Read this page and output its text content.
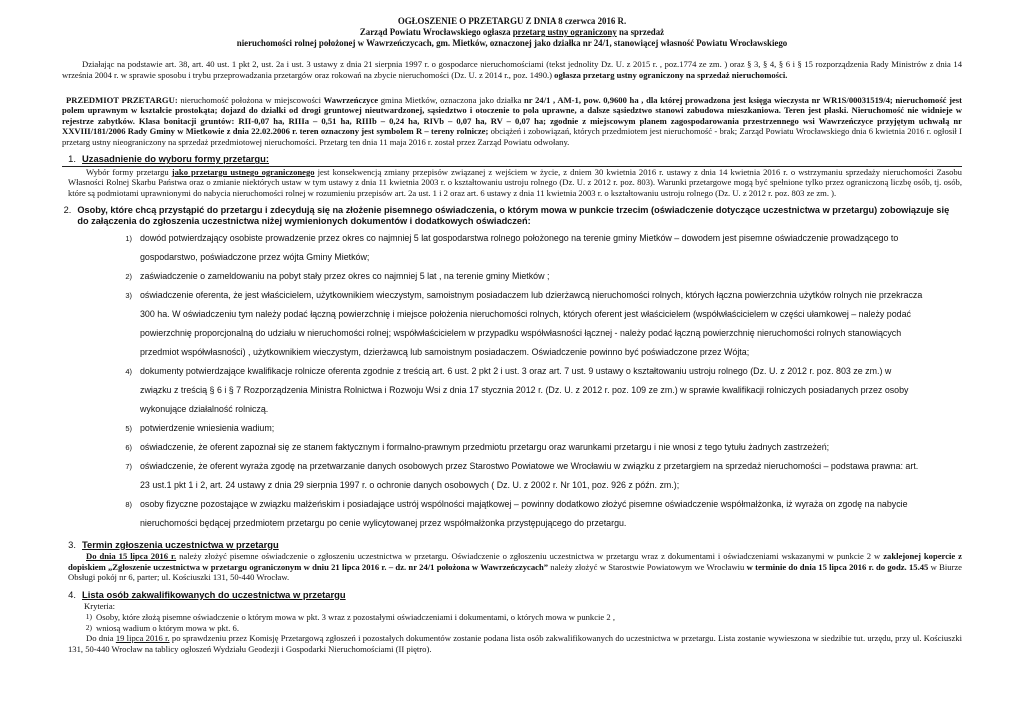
OGŁOSZENIE O PRZETARGU Z DNIA 8 czerwca 2016 R.
Zarząd Powiatu Wrocławskiego ogłasza przetarg ustny ograniczony na sprzedaż
nieruchomości rolnej położonej w Wawrzeńczycach, gm. Mietków, oznaczonej jako działka nr 24/1, stanowiącej własność Powiatu Wrocławskiego
Działając na podstawie art. 38, art. 40 ust. 1 pkt 2, ust. 2a i ust. 3 ustawy z dnia 21 sierpnia 1997 r. o gospodarce nieruchomościami (tekst jednolity Dz. U. z 2015 r. , poz.1774 ze zm. ) oraz § 3, § 4, § 6 i § 15 rozporządzenia Rady Ministrów z dnia 14 września 2004 r. w sprawie sposobu i trybu przeprowadzania przetargów oraz rokowań na zbycie nieruchomości (Dz. U. z 2014 r., poz. 1490.) ogłasza przetarg ustny ograniczony na sprzedaż nieruchomości.
PRZEDMIOT PRZETARGU: nieruchomość położona w miejscowości Wawrzeńczyce gmina Mietków, oznaczona jako działka nr 24/1 , AM-1, pow. 0,9600 ha , dla której prowadzona jest księga wieczysta nr WR1S/00031519/4; nieruchomość jest polem uprawnym w kształcie prostokąta; dojazd do działki od drogi gruntowej nieutwardzonej, sąsiedztwo i otoczenie to pola uprawne, a dalsze sąsiedztwo stanowi zabudowa mieszkaniowa. Teren jest płaski. Nieruchomość nie widnieje w rejestrze zabytków. Klasa bonitacji gruntów: RII-0,07 ha, RIIIa – 0,51 ha, RIIIb – 0,24 ha, RIVb – 0,07 ha, RV – 0,07 ha; zgodnie z miejscowym planem zagospodarowania przestrzennego wsi Wawrzeńczyce przyjętym uchwałą nr XXVIII/181/2006 Rady Gminy w Mietkowie z dnia 22.02.2006 r. teren oznaczony jest symbolem R – tereny rolnicze; obciążeń i zobowiązań, których przedmiotem jest nieruchomość - brak; Zarząd Powiatu Wrocławskiego dnia 6 kwietnia 2016 r. ogłosił I przetarg ustny nieograniczony na sprzedaż przedmiotowej nieruchomości. Przetarg ten dnia 11 maja 2016 r. został przez Zarząd Powiatu odwołany.
1. Uzasadnienie do wyboru formy przetargu:
Wybór formy przetargu jako przetargu ustnego ograniczonego jest konsekwencją zmiany przepisów związanej z wejściem w życie, z dniem 30 kwietnia 2016 r. ustawy z dnia 14 kwietnia 2016 r. o wstrzymaniu sprzedaży nieruchomości Zasobu Własności Rolnej Skarbu Państwa oraz o zmianie niektórych ustaw w tym ustawy z dnia 11 kwietnia 2003 r. o kształtowaniu ustroju rolnego (Dz. U. z 2012 r. poz. 803). Warunki przetargowe mogą być spełnione tylko przez ograniczoną liczbę osób, tj. osób, które są podmiotami uprawnionymi do nabycia nieruchomości rolnej w rozumieniu przepisów art. 2a ust. 1 i 2 oraz art. 6 ustawy z dnia 11 kwietnia 2003 r. o kształtowaniu ustroju rolnego (Dz. U. z 2012 r. poz. 803 ze zm. ).
2. Osoby, które chcą przystąpić do przetargu i zdecydują się na złożenie pisemnego oświadczenia, o którym mowa w punkcie trzecim (oświadczenie dotyczące uczestnictwa w przetargu) zobowiązuje się do załączenia do zgłoszenia uczestnictwa niżej wymienionych dokumentów i dodatkowych oświadczeń:
1) dowód potwierdzający osobiste prowadzenie przez okres co najmniej 5 lat gospodarstwa rolnego położonego na terenie gminy Mietków – dowodem jest pisemne oświadczenie prowadzącego to
gospodarstwo, poświadczone przez wójta Gminy Mietków;
2) zaświadczenie o zameldowaniu na pobyt stały przez okres co najmniej 5 lat , na terenie gminy Mietków ;
3) oświadczenie oferenta, że jest właścicielem, użytkownikiem wieczystym, samoistnym posiadaczem lub dzierżawcą nieruchomości rolnych, których łączna powierzchnia użytków rolnych nie przekracza
300 ha. W oświadczeniu tym należy podać łączną powierzchnię i miejsce położenia nieruchomości rolnych, których oferent jest właścicielem (współwłaścicielem w części ułamkowej – należy podać
powierzchnię proporcjonalną do udziału w nieruchomości rolnej; współwłaścicielem w przypadku współwłasności łącznej - należy podać łączną powierzchnię nieruchomości rolnych stanowiących
przedmiot współwłasności) , użytkownikiem wieczystym, dzierżawcą lub samoistnym posiadaczem. Oświadczenie powinno być poświadczone przez Wójta;
4) dokumenty potwierdzające kwalifikacje rolnicze oferenta zgodnie z treścią art. 6 ust. 2 pkt 2 i ust. 3 oraz art. 7 ust. 9 ustawy o kształtowaniu ustroju rolnego (Dz. U. z 2012 r. poz. 803 ze zm.) w
związku z treścią § 6 i § 7 Rozporządzenia Ministra Rolnictwa i Rozwoju Wsi z dnia 17 stycznia 2012 r. (Dz. U. z 2012 r. poz. 109 ze zm.) w sprawie kwalifikacji rolniczych posiadanych przez osoby
wykonujące działalność rolniczą.
5) potwierdzenie wniesienia wadium;
6) oświadczenie, że oferent zapoznał się ze stanem faktycznym i formalno-prawnym przedmiotu przetargu oraz warunkami przetargu i nie wnosi z tego tytułu żadnych zastrzeżeń;
7) oświadczenie, że oferent wyraża zgodę na przetwarzanie danych osobowych przez Starostwo Powiatowe we Wrocławiu w związku z przetargiem na sprzedaż nieruchomości – podstawa prawna: art.
23 ust.1 pkt 1 i 2, art. 24 ustawy z dnia 29 sierpnia 1997 r. o ochronie danych osobowych ( Dz. U. z 2002 r. Nr 101, poz. 926 z późn. zm.);
8) osoby fizyczne pozostające w związku małżeńskim i posiadające ustrój wspólności majątkowej – powinny dodatkowo złożyć pisemne oświadczenie współmałżonka, iż wyraża on zgodę na nabycie
nieruchomości będącej przedmiotem przetargu po cenie wylicytowanej przez współmałżonka przystępującego do przetargu.
3. Termin zgłoszenia uczestnictwa w przetargu
Do dnia 15 lipca 2016 r. należy złożyć pisemne oświadczenie o zgłoszeniu uczestnictwa w przetargu. Oświadczenie o zgłoszeniu uczestnictwa w przetargu wraz z dokumentami i oświadczeniami wskazanymi w punkcie 2 w zaklejonej kopercie z dopiskiem „Zgłoszenie uczestnictwa w przetargu ograniczonym w dniu 21 lipca 2016 r. – dz. nr 24/1 położona w Wawrzeńczycach” należy złożyć w Starostwie Powiatowym we Wrocławiu w terminie do dnia 15 lipca 2016 r. do godz. 15.45 w Biurze Obsługi pokój nr 6, parter; ul. Kościuszki 131, 50-440 Wrocław.
4. Lista osób zakwalifikowanych do uczestnictwa w przetargu
Kryteria:
1) Osoby, które złożą pisemne oświadczenie o którym mowa w pkt. 3 wraz z pozostałymi oświadczeniami i dokumentami, o których mowa w punkcie 2 ,
2) wniosą wadium o którym mowa w pkt. 6.
Do dnia 19 lipca 2016 r. po sprawdzeniu przez Komisję Przetargową zgłoszeń i pozostałych dokumentów zostanie podana lista osób zakwalifikowanych do uczestnictwa w przetargu. Lista zostanie wywieszona w siedzibie tut. urzędu, przy ul. Kościuszki 131, 50-440 Wrocław na tablicy ogłoszeń Wydziału Geodezji i Gospodarki Nieruchomościami (II piętro).
